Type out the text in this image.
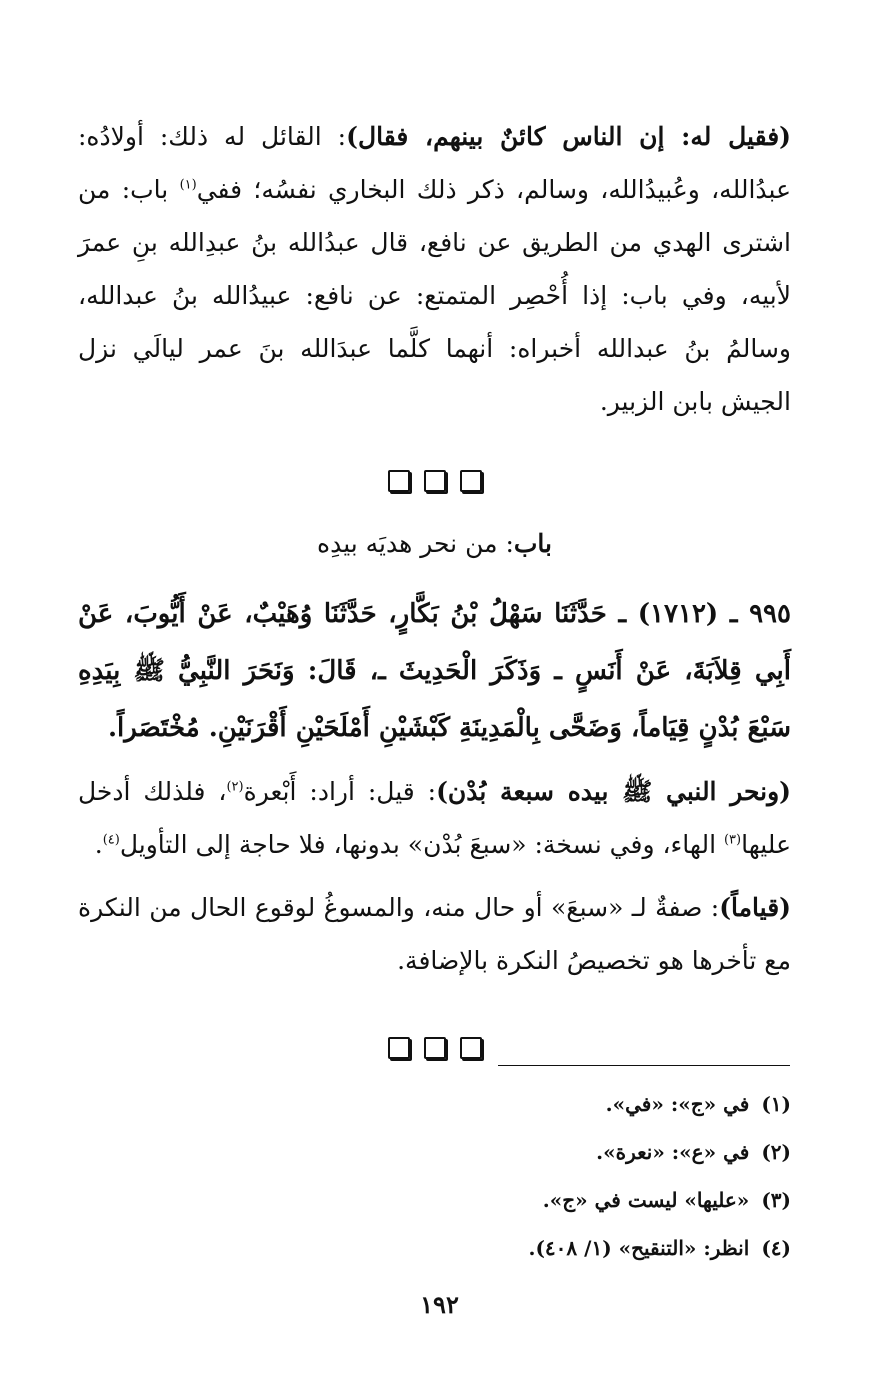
(فقيل له: إن الناس كائنٌ بينهم، فقال): القائل له ذلك: أولادُه: عبدُالله، وعُبيدُالله، وسالم، ذكر ذلك البخاري نفسُه؛ ففي$^{(١)}$ باب: من اشترى الهدي من الطريق عن نافع، قال عبدُالله بنُ عبدِالله بنِ عمرَ لأبيه، وفي باب: إذا أُحْصِر المتمتع: عن نافع: عبيدُالله بنُ عبدالله، وسالمُ بنُ عبدالله أخبراه: أنهما كلَّما عبدَالله بنَ عمر ليالَي نزل الجيش بابن الزبير.

باب: من نحر هديَه بيدِه

٩٩٥ ـ (١٧١٢) ـ حَدَّثَنَا سَهْلُ بْنُ بَكَّارٍ، حَدَّثَنَا وُهَيْبٌ، عَنْ أَيُّوبَ، عَنْ أَبِي قِلاَبَةَ، عَنْ أَنَسٍ ـ وَذَكَرَ الْحَدِيثَ ـ، قَالَ: وَنَحَرَ النَّبِيُّ ﷺ بِيَدِهِ سَبْعَ بُدْنٍ قِيَاماً، وَضَحَّى بِالْمَدِينَةِ كَبْشَيْنِ أَمْلَحَيْنِ أَقْرَنَيْنِ. مُخْتَصَراً.

(ونحر النبي ﷺ بيده سبعة بُدْن): قيل: أراد: أَبْعرة$^{(٢)}$، فلذلك أدخل عليها$^{(٣)}$ الهاء، وفي نسخة: «سبعَ بُدْن» بدونها، فلا حاجة إلى التأويل$^{(٤)}$.

(قياماً): صفةٌ لـ «سبعَ» أو حال منه، والمسوغُ لوقوع الحال من النكرة مع تأخرها هو تخصيصُ النكرة بالإضافة.

(١)في «ج»: «في».
(٢)في «ع»: «نعرة».
(٣)«عليها» ليست في «ج».
(٤)انظر: «التنقيح» (١/ ٤٠٨).
١٩٢
